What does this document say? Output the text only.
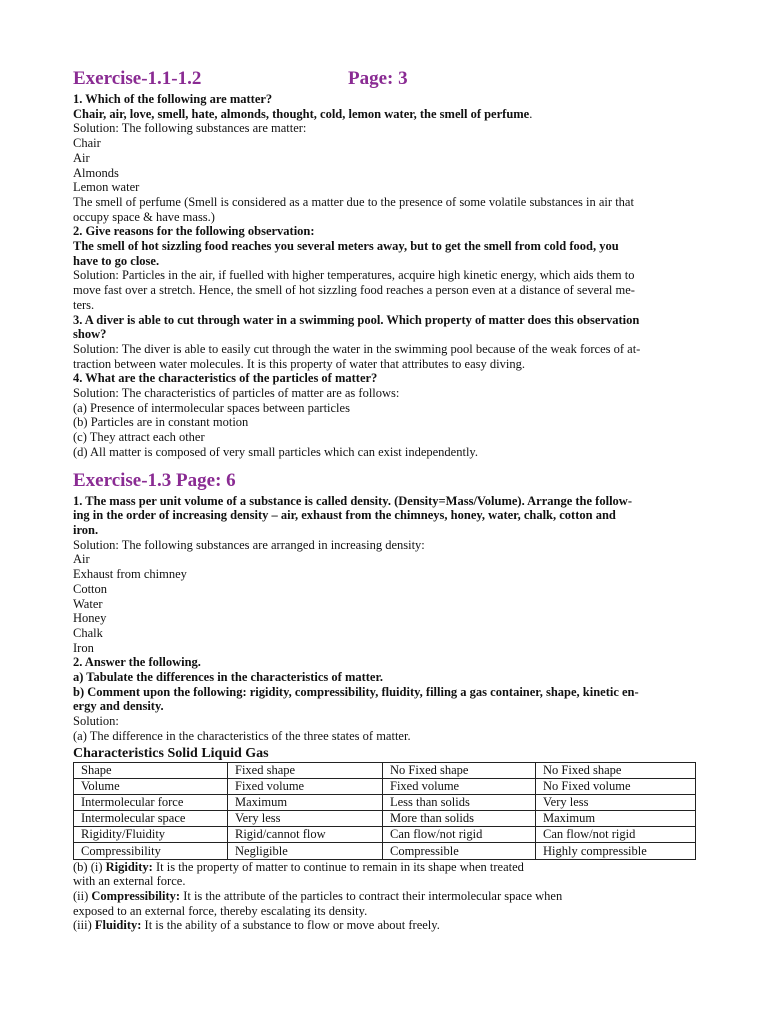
Exercise-1.1-1.2	Page: 3
1. Which of the following are matter?
Chair, air, love, smell, hate, almonds, thought, cold, lemon water, the smell of perfume.
Solution: The following substances are matter:
Chair
Air
Almonds
Lemon water
The smell of perfume (Smell is considered as a matter due to the presence of some volatile substances in air that
occupy space & have mass.)
2. Give reasons for the following observation:
The smell of hot sizzling food reaches you several meters away, but to get the smell from cold food, you
have to go close.
Solution: Particles in the air, if fuelled with higher temperatures, acquire high kinetic energy, which aids them to
move fast over a stretch. Hence, the smell of hot sizzling food reaches a person even at a distance of several me-
ters.
3. A diver is able to cut through water in a swimming pool. Which property of matter does this observation
show?
Solution: The diver is able to easily cut through the water in the swimming pool because of the weak forces of at-
traction between water molecules. It is this property of water that attributes to easy diving.
4. What are the characteristics of the particles of matter?
Solution: The characteristics of particles of matter are as follows:
(a) Presence of intermolecular spaces between particles
(b) Particles are in constant motion
(c) They attract each other
(d) All matter is composed of very small particles which can exist independently.
Exercise-1.3 Page: 6
1. The mass per unit volume of a substance is called density. (Density=Mass/Volume). Arrange the follow-
ing in the order of increasing density – air, exhaust from the chimneys, honey, water, chalk, cotton and
iron.
Solution: The following substances are arranged in increasing density:
Air
Exhaust from chimney
Cotton
Water
Honey
Chalk
Iron
2. Answer the following.
a) Tabulate the differences in the characteristics of matter.
b) Comment upon the following: rigidity, compressibility, fluidity, filling a gas container, shape, kinetic en-
ergy and density.
Solution:
(a) The difference in the characteristics of the three states of matter.
Characteristics Solid Liquid Gas
Shape	Fixed shape	No Fixed shape	No Fixed shape
Volume	Fixed volume	Fixed volume	No Fixed volume
Intermolecular force	Maximum	Less than solids	Very less
Intermolecular space	Very less	More than solids	Maximum
Rigidity/Fluidity	Rigid/cannot flow	Can flow/not rigid	Can flow/not rigid
Compressibility	Negligible	Compressible	Highly compressible
(b) (i) Rigidity: It is the property of matter to continue to remain in its shape when treated
with an external force.
(ii) Compressibility: It is the attribute of the particles to contract their intermolecular space when
exposed to an external force, thereby escalating its density.
(iii) Fluidity: It is the ability of a substance to flow or move about freely.
